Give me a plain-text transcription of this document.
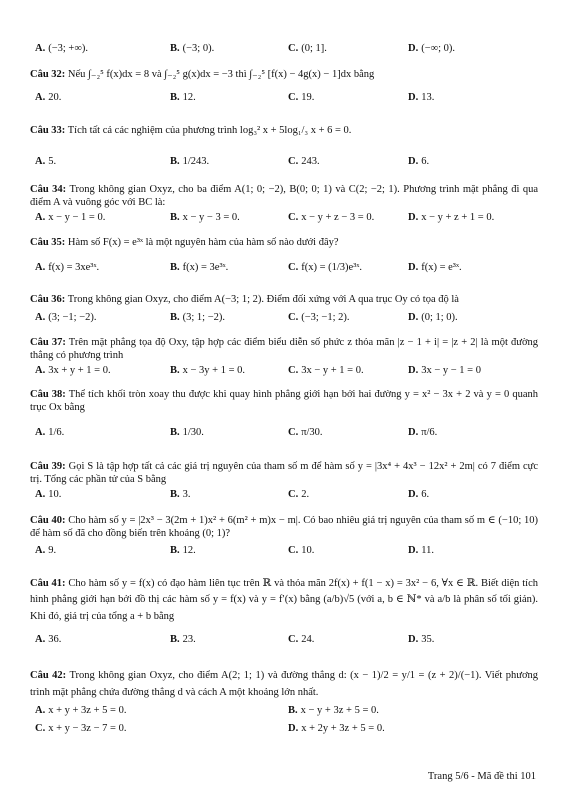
A. (−3; +∞).	B. (−3; 0).	C. (0; 1].	D. (−∞; 0).
Câu 32: Nếu ∫₋₂⁵ f(x)dx = 8 và ∫₋₂⁵ g(x)dx = −3 thì ∫₋₂⁵ [f(x) − 4g(x) − 1]dx bằng
A. 20.	B. 12.	C. 19.	D. 13.
Câu 33: Tích tất cả các nghiệm của phương trình log₃² x + 5log₁/₃ x + 6 = 0.
A. 5.	B. 1/243.	C. 243.	D. 6.
Câu 34: Trong không gian Oxyz, cho ba điểm A(1; 0; −2), B(0; 0; 1) và C(2; −2; 1). Phương trình mặt phẳng đi qua điểm A và vuông góc với BC là:
A. x − y − 1 = 0.	B. x − y − 3 = 0.	C. x − y + z − 3 = 0.	D. x − y + z + 1 = 0.
Câu 35: Hàm số F(x) = e³ˣ là một nguyên hàm của hàm số nào dưới đây?
A. f(x) = 3xe³ˣ.	B. f(x) = 3e³ˣ.	C. f(x) = (1/3)e³ˣ.	D. f(x) = e³ˣ.
Câu 36: Trong không gian Oxyz, cho điểm A(−3; 1; 2). Điểm đối xứng với A qua trục Oy có tọa độ là
A. (3; −1; −2).	B. (3; 1; −2).	C. (−3; −1; 2).	D. (0; 1; 0).
Câu 37: Trên mặt phẳng tọa độ Oxy, tập hợp các điểm biểu diễn số phức z thỏa mãn |z − 1 + i| = |z + 2| là một đường thẳng có phương trình
A. 3x + y + 1 = 0.	B. x − 3y + 1 = 0.	C. 3x − y + 1 = 0.	D. 3x − y − 1 = 0
Câu 38: Thể tích khối tròn xoay thu được khi quay hình phẳng giới hạn bởi hai đường y = x² − 3x + 2 và y = 0 quanh trục Ox bằng
A. 1/6.	B. 1/30.	C. π/30.	D. π/6.
Câu 39: Gọi S là tập hợp tất cả các giá trị nguyên của tham số m để hàm số y = |3x⁴ + 4x³ − 12x² + 2m| có 7 điểm cực trị. Tổng các phần tử của S bằng
A. 10.	B. 3.	C. 2.	D. 6.
Câu 40: Cho hàm số y = |2x³ − 3(2m + 1)x² + 6(m² + m)x − m|. Có bao nhiêu giá trị nguyên của tham số m ∈ (−10; 10) để hàm số đã cho đồng biến trên khoảng (0; 1)?
A. 9.	B. 12.	C. 10.	D. 11.
Câu 41: Cho hàm số y = f(x) có đạo hàm liên tục trên ℝ và thỏa mãn 2f(x) + f(1 − x) = 3x² − 6, ∀x ∈ ℝ. Biết diện tích hình phẳng giới hạn bởi đồ thị các hàm số y = f(x) và y = f′(x) bằng (a/b)√5 (với a, b ∈ ℕ* và a/b là phân số tối giản). Khi đó, giá trị của tổng a + b bằng
A. 36.	B. 23.	C. 24.	D. 35.
Câu 42: Trong không gian Oxyz, cho điểm A(2; 1; 1) và đường thẳng d: (x − 1)/2 = y/1 = (z + 2)/(−1). Viết phương trình mặt phẳng chứa đường thẳng d và cách A một khoảng lớn nhất.
A. x + y + 3z + 5 = 0.	B. x − y + 3z + 5 = 0.
C. x + y − 3z − 7 = 0.	D. x + 2y + 3z + 5 = 0.
Trang 5/6 - Mã đề thi 101
